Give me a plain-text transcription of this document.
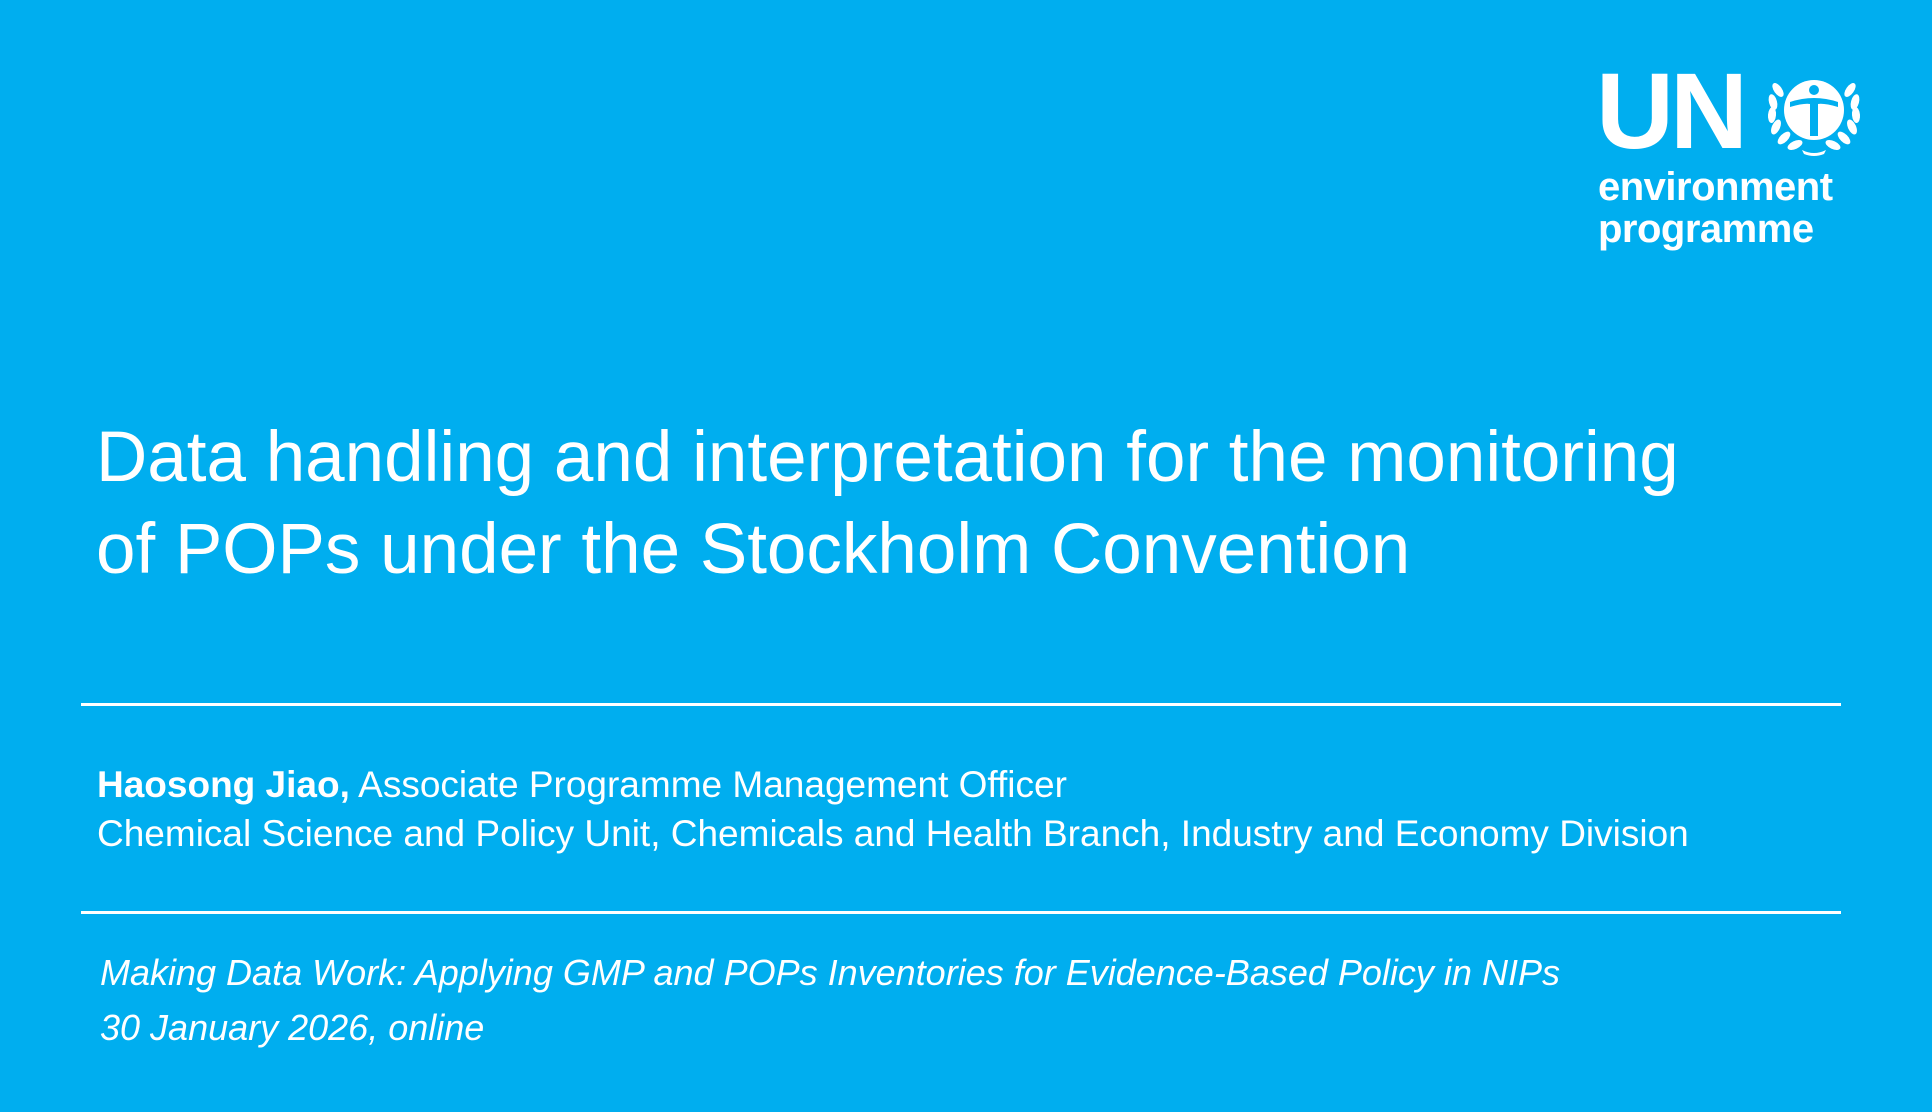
UN
environment
programme
Data handling and interpretation for the monitoring
of POPs under the Stockholm Convention
Haosong Jiao, Associate Programme Management Officer
Chemical Science and Policy Unit, Chemicals and Health Branch, Industry and Economy Division
Making Data Work: Applying GMP and POPs Inventories for Evidence-Based Policy in NIPs
30 January 2026, online
